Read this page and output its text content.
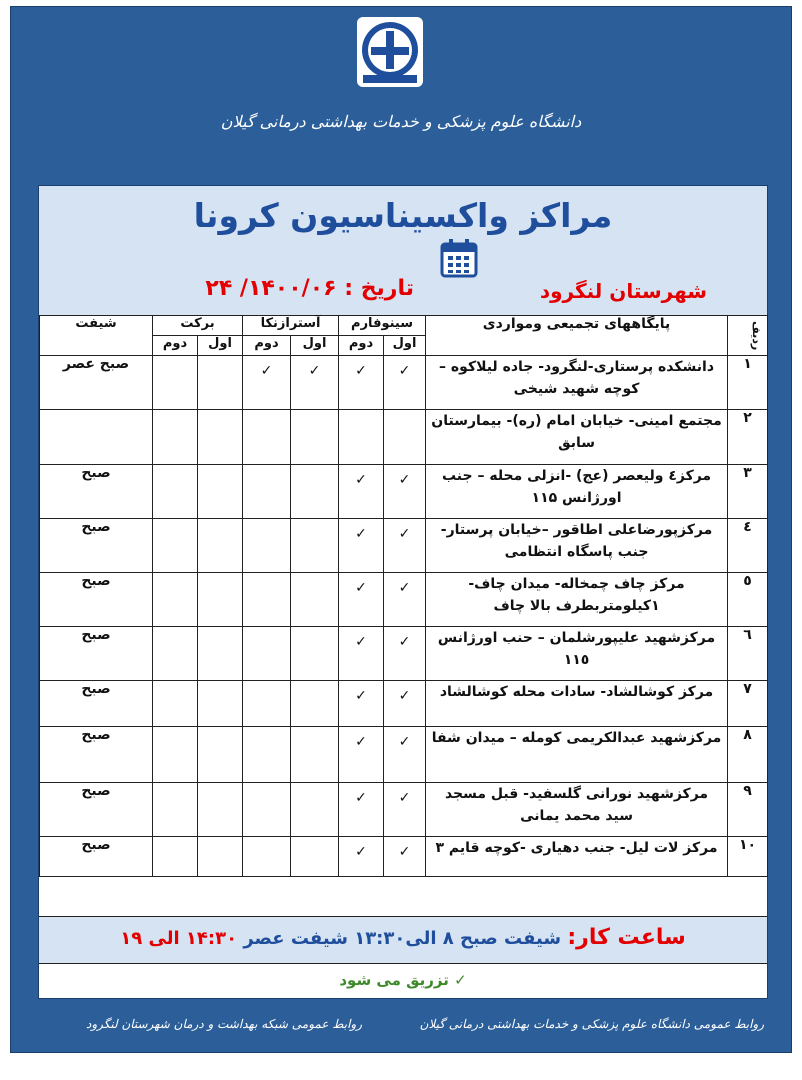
دانشگاه علوم پزشکی و خدمات بهداشتی درمانی گیلان
مراکز واکسیناسیون کرونا
شهرستان لنگرود
تاریخ : ۱۴۰۰/۰۶/ ۲۴
ردیف	پایگاههای تجمیعی ومواردی	سینوفارم		آسترازنکا		برکت		شیفت
		اول	دوم	اول	دوم	اول	دوم	
۱	دانشکده پرستاری-لنگرود- جاده لیلاکوه – کوچه شهید شیخی	✓	✓	✓	✓			صبح عصر
۲	مجتمع امینی- خیابان امام (ره)- بیمارستان سابق							
۳	مرکز٤ ولیعصر (عج) -انزلی محله – جنب اورژانس ۱۱۵	✓	✓					صبح
٤	مرکزپورضاعلی اطاقور –خیابان پرستار- جنب پاسگاه انتظامی	✓	✓					صبح
٥	مرکز چاف چمخاله- میدان چاف- ۱کیلومتربطرف بالا چاف	✓	✓					صبح
٦	مرکزشهید علیپورشلمان – حنب اورژانس ۱۱٥	✓	✓					صبح
۷	مرکز کوشالشاد- سادات محله کوشالشاد	✓	✓					صبح
۸	مرکزشهید عبدالکریمی کوملە – میدان شفا	✓	✓					صبح
۹	مرکزشهید نورانی گلسفید- قبل مسجد سید محمد یمانی	✓	✓					صبح
۱۰	مرکز لات لیل- جنب دهیاری -کوچه قایم ۳	✓	✓					صبح
ساعت کار: شیفت صبح ۸ الی۱۳:۳۰ شیفت عصر ۱۴:۳۰ الی ۱۹
✓ تزریق می شود
روابط عمومی دانشگاه علوم پزشکی و خدمات بهداشتی درمانی گیلان
روابط عمومی شبکه بهداشت و درمان شهرستان لنگرود
